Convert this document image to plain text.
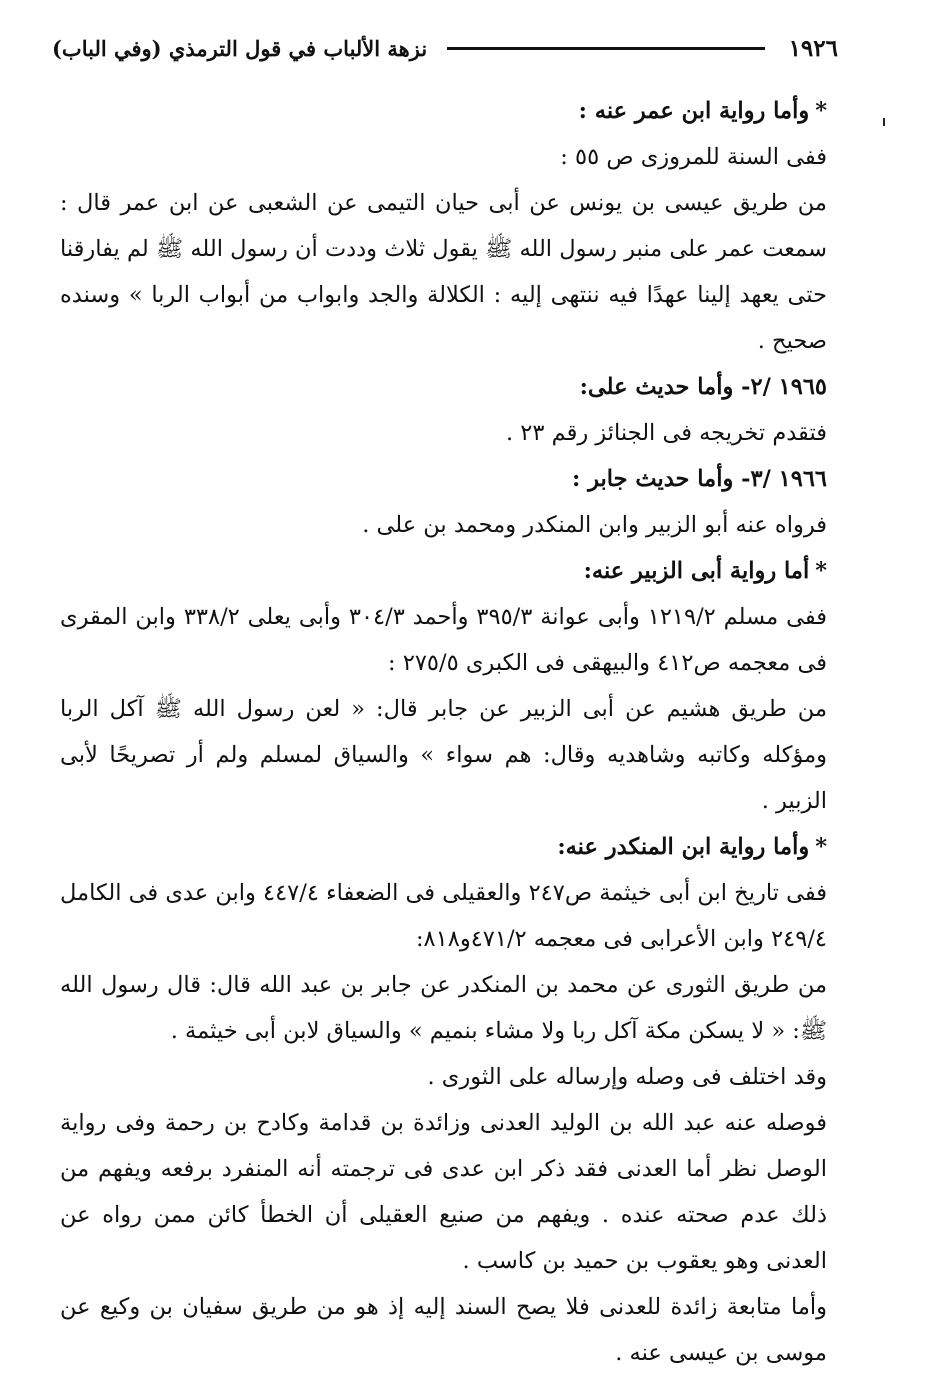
١٩٢٦
نزهة الألباب في قول الترمذي (وفي الباب)

*وأما رواية ابن عمر عنه :

ففى السنة للمروزى ص ٥٥ :

من طريق عيسى بن يونس عن أبى حيان التيمى عن الشعبى عن ابن عمر قال : سمعت عمر على منبر رسول الله ﷺ يقول ثلاث وددت أن رسول الله ﷺ لم يفارقنا حتى يعهد إلينا عهدًا فيه ننتهى إليه : الكلالة والجد وابواب من أبواب الربا » وسنده صحيح .

١٩٦٥ /٢- وأما حديث على:

فتقدم تخريجه فى الجنائز رقم ٢٣ .

١٩٦٦ /٣- وأما حديث جابر :

فرواه عنه أبو الزبير وابن المنكدر ومحمد بن على .

*أما رواية أبى الزبير عنه:

ففى مسلم ١٢١٩/٢ وأبى عوانة ٣٩٥/٣ وأحمد ٣٠٤/٣ وأبى يعلى ٣٣٨/٢ وابن المقرى فى معجمه ص٤١٢ والبيهقى فى الكبرى ٢٧٥/٥ :

من طريق هشيم عن أبى الزبير عن جابر قال: « لعن رسول الله ﷺ آكل الربا ومؤكله وكاتبه وشاهديه وقال: هم سواء » والسياق لمسلم ولم أر تصريحًا لأبى الزبير .

*وأما رواية ابن المنكدر عنه:

ففى تاريخ ابن أبى خيثمة ص٢٤٧ والعقيلى فى الضعفاء ٤٤٧/٤ وابن عدى فى الكامل ٢٤٩/٤ وابن الأعرابى فى معجمه ٤٧١/٢و٨١٨:

من طريق الثورى عن محمد بن المنكدر عن جابر بن عبد الله قال: قال رسول الله ﷺ: « لا يسكن مكة آكل ربا ولا مشاء بنميم » والسياق لابن أبى خيثمة .

وقد اختلف فى وصله وإرساله على الثورى .

فوصله عنه عبد الله بن الوليد العدنى وزائدة بن قدامة وكادح بن رحمة وفى رواية الوصل نظر أما العدنى فقد ذكر ابن عدى فى ترجمته أنه المنفرد برفعه ويفهم من ذلك عدم صحته عنده . ويفهم من صنيع العقيلى أن الخطأ كائن ممن رواه عن العدنى وهو يعقوب بن حميد بن كاسب .

وأما متابعة زائدة للعدنى فلا يصح السند إليه إذ هو من طريق سفيان بن وكيع عن موسى بن عيسى عنه .
